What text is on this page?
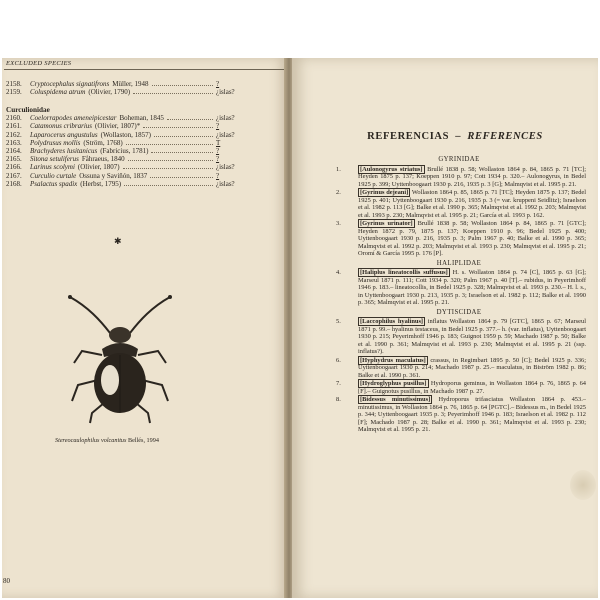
EXCLUDED SPECIES
2158.	Cryptocephalus signatifrons Müller, 1948	?
2159.	Coluspidema atrum (Olivier, 1790)	¿islas?
Curculionidae
2160.	Coelorrapodes ameneipicestar Boheman, 1845	¿islas?
2161.	Catamonus cribrarius (Olivier, 1807)*	?
2162.	Laparocerus angustulus (Wollaston, 1857)	¿islas?
2163.	Polydrusus mollis (Ström, 1768)	T
2164.	Brachyderes lusitanicus (Fabricius, 1781)	?
2165.	Sitona setuliferus Fåhraeus, 1840	?
2166.	Larinus scolymi (Olivier, 1807)	¿islas?
2167.	Curculio curtale Ossuna y Saviñón, 1837	?
2168.	Psalactus spadix (Herbst, 1795)	¿islas?
✱
Stereocaulophilus volcanitus Bellés, 1994
80
REFERENCIAS – REFERENCES
GYRINIDAE
1.	[Aulonogyrus striatus] Brullé 1838 p. 58; Wollaston 1864 p. 84, 1865 p. 71 [TC]; Heyden 1875 p. 137; Koeppen 1910 p. 97; Cott 1934 p. 320.– Aulonogyrus, in Bedel 1925 p. 399; Uyttenboogaart 1930 p. 216, 1935 p. 3 [G]; Malmqvist et al. 1995 p. 21.
2.	[Gyrinus dejeani] Wollaston 1864 p. 85, 1865 p. 71 [TC]; Heyden 1875 p. 137; Bedel 1925 p. 401; Uyttenboogaart 1930 p. 216, 1935 p. 3 (= var. kruppeni Seidlitz); Israelson et al. 1982 p. 113 [G]; Balke et al. 1990 p. 365; Malmqvist et al. 1992 p. 203; Malmqvist et al. 1993 p. 230; Malmqvist et al. 1995 p. 21; García et al. 1993 p. 162.
3.	[Gyrinus urinator] Brullé 1838 p. 58; Wollaston 1864 p. 84, 1865 p. 71 [GTC]; Heyden 1872 p. 79, 1875 p. 137; Koeppen 1910 p. 96; Bedel 1925 p. 400; Uyttenboogaart 1930 p. 216, 1935 p. 3; Palm 1967 p. 40; Balke et al. 1990 p. 365; Malmqvist et al. 1992 p. 203; Malmqvist et al. 1993 p. 230; Malmqvist et al. 1995 p. 21; Oromí & García 1995 p. 176 [P].
HALIPLIDAE
4.	[Haliplus lineatocollis suffusus] H. s. Wollaston 1864 p. 74 [C], 1865 p. 63 [G]; Marseul 1871 p. 111; Cott 1934 p. 320; Palm 1967 p. 40 [T].– rubidus, in Peyerimhoff 1946 p. 183.– lineatocollis, in Bedel 1925 p. 328; Malmqvist et al. 1993 p. 230.– H. l. s., in Uyttenboogaart 1930 p. 213, 1935 p. 3; Israelson et al. 1982 p. 112; Balke et al. 1990 p. 365; Malmqvist et al. 1995 p. 21.
DYTISCIDAE
5.	[Laccophilus hyalinus] inflatus Wollaston 1864 p. 79 [GTC], 1865 p. 67; Marseul 1871 p. 99.– hyalinus testaceus, in Bedel 1925 p. 377.– h. (var. inflatus), Uyttenboogaart 1930 p. 215; Peyerimhoff 1946 p. 183; Guignot 1959 p. 59; Machado 1987 p. 50; Balke et al. 1990 p. 361; Malmqvist et al. 1993 p. 230; Malmqvist et al. 1995 p. 21 (ssp. inflatus?).
6.	[Hyphydrus maculatus] crassus, in Regimbart 1895 p. 50 [C]; Bedel 1925 p. 336; Uyttenboogaart 1930 p. 214; Machado 1987 p. 25.– maculatus, in Biström 1982 p. 86; Balke et al. 1990 p. 361.
7.	[Hydroglyphus pusillus] Hydroporus geminus, in Wollaston 1864 p. 76, 1865 p. 64 [F].– Guignotus pusillus, in Machado 1987 p. 27.
8.	[Bidessus minutissimus] Hydroporus trifasciatus Wollaston 1864 p. 453.– minutissimus, in Wollaston 1864 p. 76, 1865 p. 64 [PGTC].– Bidessus m., in Bedel 1925 p. 344; Uyttenboogaart 1935 p. 3; Peyerimhoff 1946 p. 183; Israelson et al. 1982 p. 112 [F]; Machado 1987 p. 28; Balke et al. 1990 p. 361; Malmqvist et al. 1993 p. 230; Malmqvist et al. 1995 p. 21.
